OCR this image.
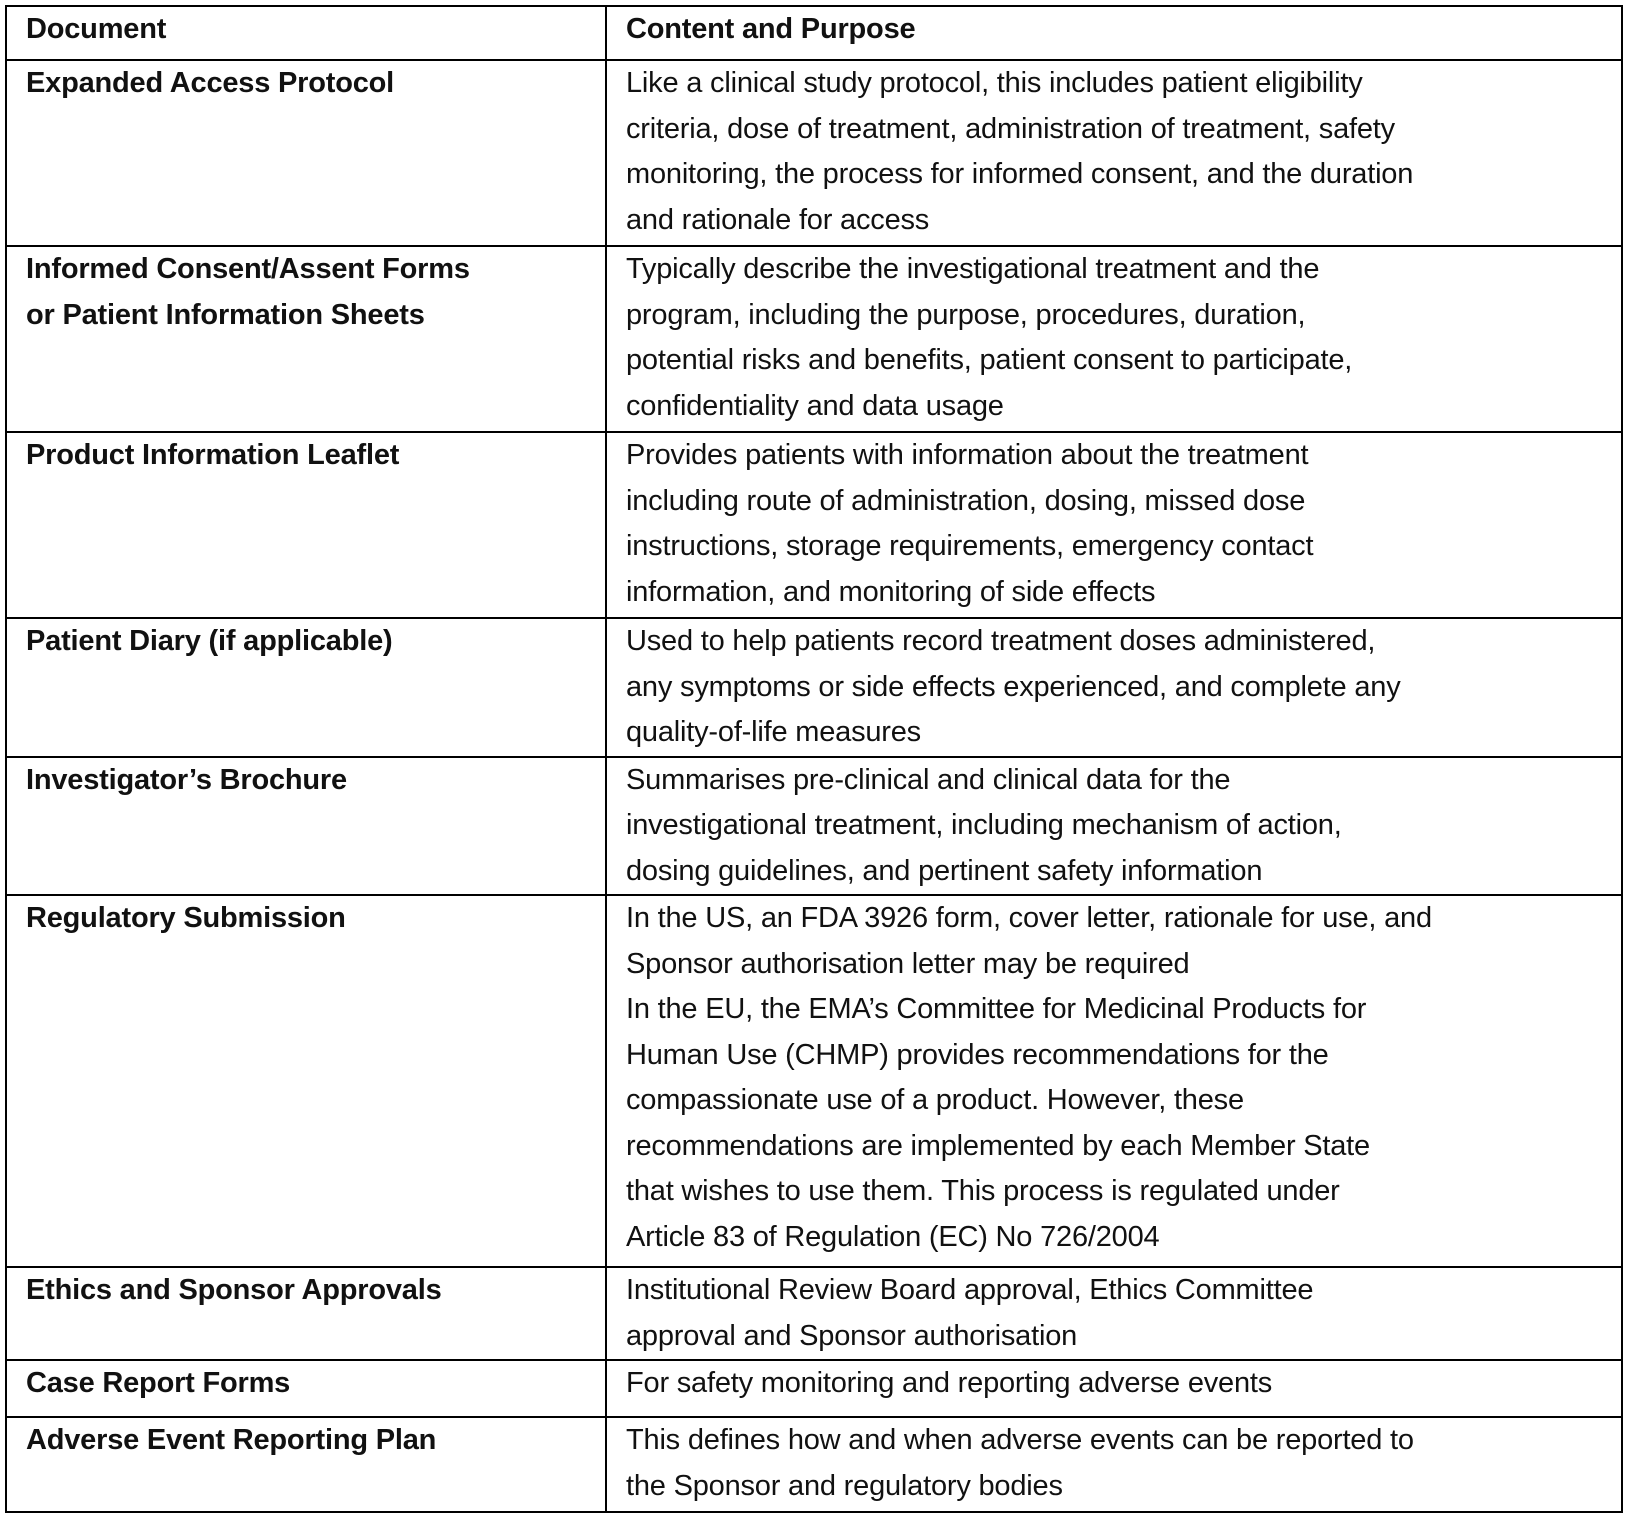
Document	Content and Purpose

Expanded Access Protocol	Like a clinical study protocol, this includes patient eligibility
criteria, dose of treatment, administration of treatment, safety
monitoring, the process for informed consent, and the duration
and rationale for access

Informed Consent/Assent Forms
or Patient Information Sheets	Typically describe the investigational treatment and the
program, including the purpose, procedures, duration,
potential risks and benefits, patient consent to participate,
confidentiality and data usage

Product Information Leaflet	Provides patients with information about the treatment
including route of administration, dosing, missed dose
instructions, storage requirements, emergency contact
information, and monitoring of side effects

Patient Diary (if applicable)	Used to help patients record treatment doses administered,
any symptoms or side effects experienced, and complete any
quality-of-life measures

Investigator’s Brochure	Summarises pre-clinical and clinical data for the
investigational treatment, including mechanism of action,
dosing guidelines, and pertinent safety information

Regulatory Submission	In the US, an FDA 3926 form, cover letter, rationale for use, and
Sponsor authorisation letter may be required
In the EU, the EMA’s Committee for Medicinal Products for
Human Use (CHMP) provides recommendations for the
compassionate use of a product. However, these
recommendations are implemented by each Member State
that wishes to use them. This process is regulated under
Article 83 of Regulation (EC) No 726/2004

Ethics and Sponsor Approvals	Institutional Review Board approval, Ethics Committee
approval and Sponsor authorisation

Case Report Forms	For safety monitoring and reporting adverse events

Adverse Event Reporting Plan	This defines how and when adverse events can be reported to
the Sponsor and regulatory bodies
